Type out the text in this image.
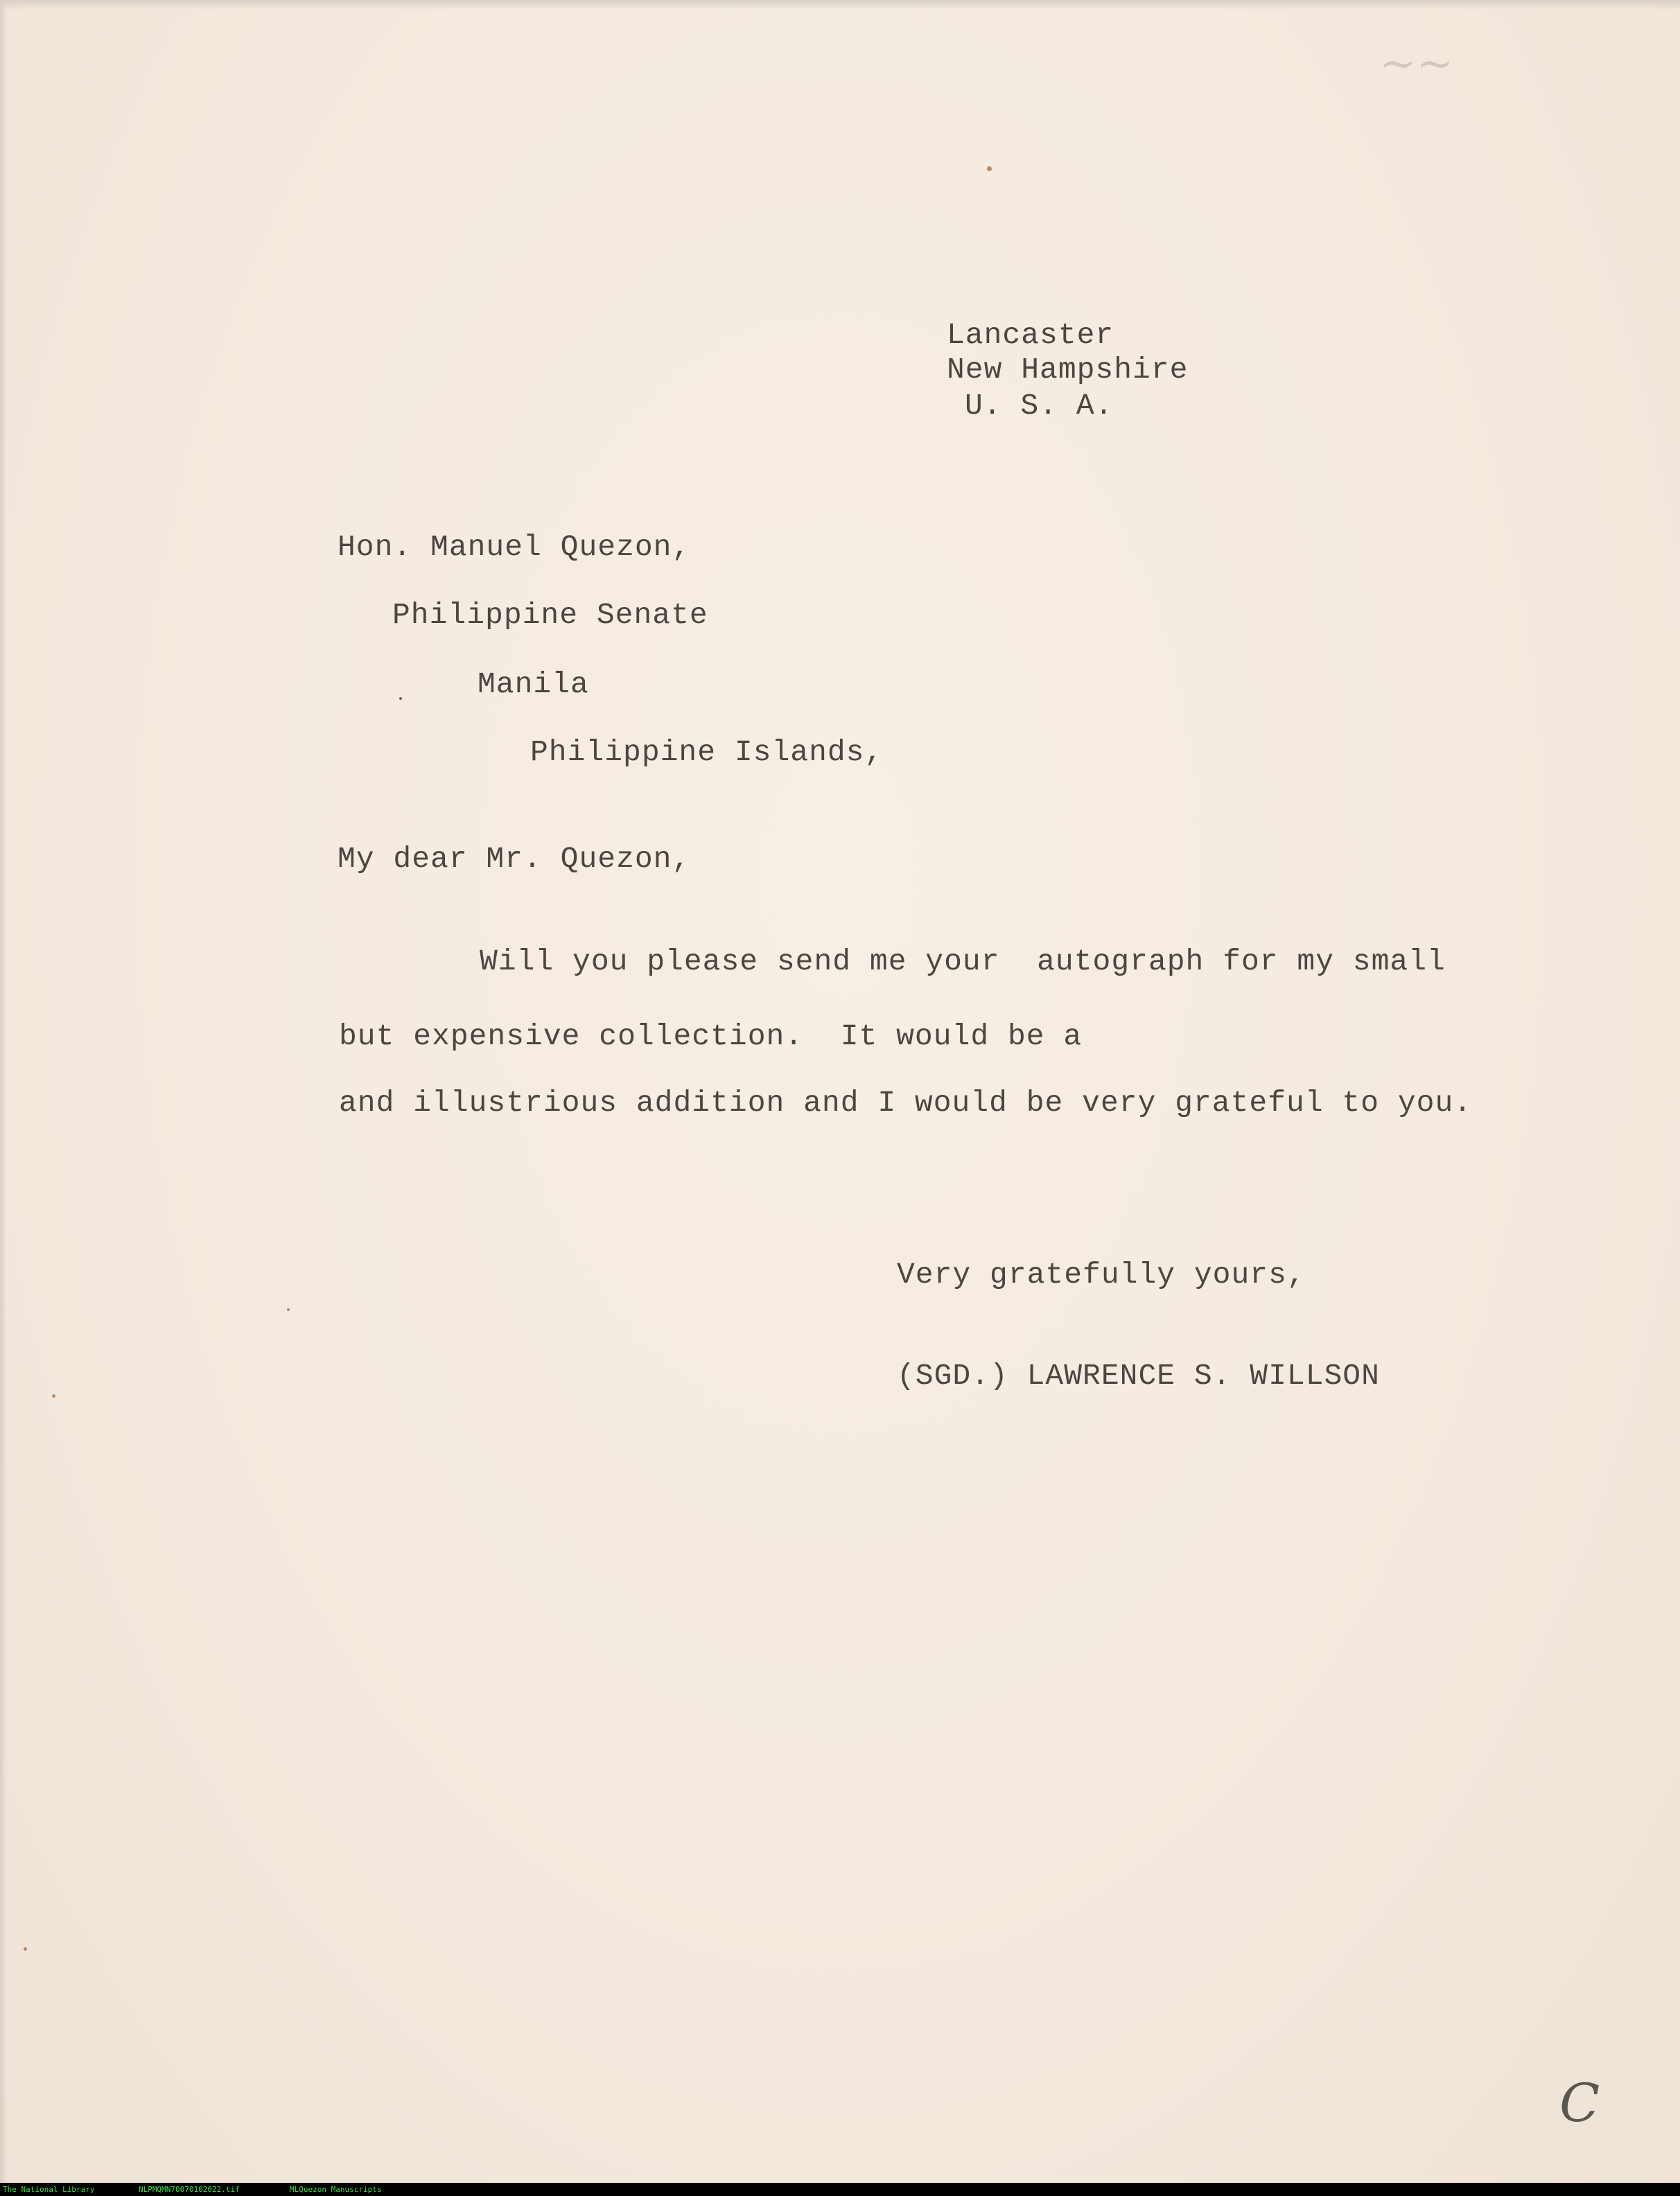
~~
Lancaster
New Hampshire
U. S. A.
Hon. Manuel Quezon,
Philippine Senate
Manila
Philippine Islands,
My dear Mr. Quezon,
Will you please send me your  autograph for my small
but expensive collection.  It would be a
and illustrious addition and I would be very grateful to you.
Very gratefully yours,
(SGD.) LAWRENCE S. WILLSON
C
The National Library	NLPMQMN70070102022.tif	MLQuezon Manuscripts
